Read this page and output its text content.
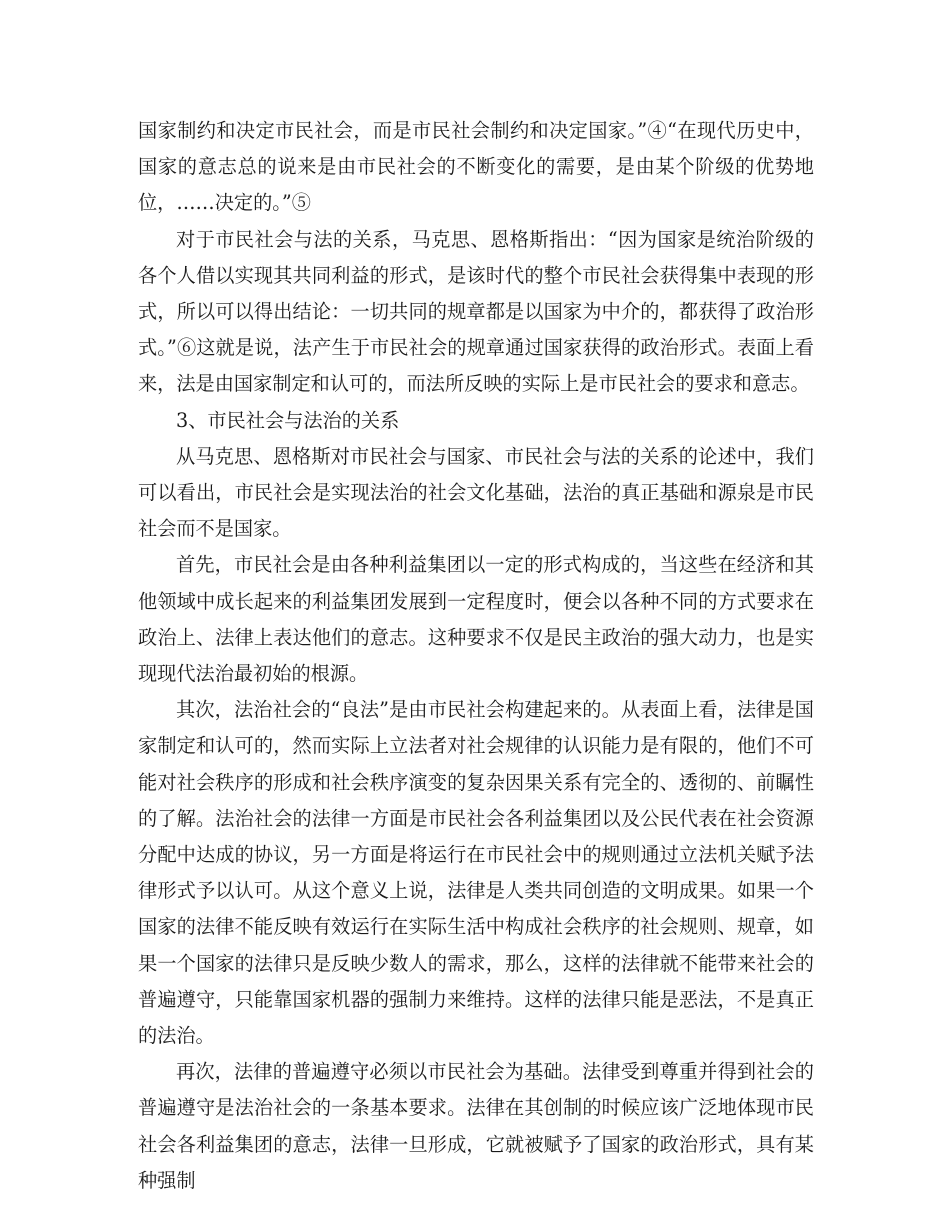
国家制约和决定市民社会，而是市民社会制约和决定国家。”④“在现代历史中，国家的意志总的说来是由市民社会的不断变化的需要，是由某个阶级的优势地位，……决定的。”⑤

对于市民社会与法的关系，马克思、恩格斯指出：“因为国家是统治阶级的各个人借以实现其共同利益的形式，是该时代的整个市民社会获得集中表现的形式，所以可以得出结论：一切共同的规章都是以国家为中介的，都获得了政治形式。”⑥这就是说，法产生于市民社会的规章通过国家获得的政治形式。表面上看来，法是由国家制定和认可的，而法所反映的实际上是市民社会的要求和意志。

3、市民社会与法治的关系

从马克思、恩格斯对市民社会与国家、市民社会与法的关系的论述中，我们可以看出，市民社会是实现法治的社会文化基础，法治的真正基础和源泉是市民社会而不是国家。

首先，市民社会是由各种利益集团以一定的形式构成的，当这些在经济和其他领域中成长起来的利益集团发展到一定程度时，便会以各种不同的方式要求在政治上、法律上表达他们的意志。这种要求不仅是民主政治的强大动力，也是实现现代法治最初始的根源。

其次，法治社会的“良法”是由市民社会构建起来的。从表面上看，法律是国家制定和认可的，然而实际上立法者对社会规律的认识能力是有限的，他们不可能对社会秩序的形成和社会秩序演变的复杂因果关系有完全的、透彻的、前瞩性的了解。法治社会的法律一方面是市民社会各利益集团以及公民代表在社会资源分配中达成的协议，另一方面是将运行在市民社会中的规则通过立法机关赋予法律形式予以认可。从这个意义上说，法律是人类共同创造的文明成果。如果一个国家的法律不能反映有效运行在实际生活中构成社会秩序的社会规则、规章，如果一个国家的法律只是反映少数人的需求，那么，这样的法律就不能带来社会的普遍遵守，只能靠国家机器的强制力来维持。这样的法律只能是恶法，不是真正的法治。

再次，法律的普遍遵守必须以市民社会为基础。法律受到尊重并得到社会的普遍遵守是法治社会的一条基本要求。法律在其创制的时候应该广泛地体现市民社会各利益集团的意志，法律一旦形成，它就被赋予了国家的政治形式，具有某种强制
